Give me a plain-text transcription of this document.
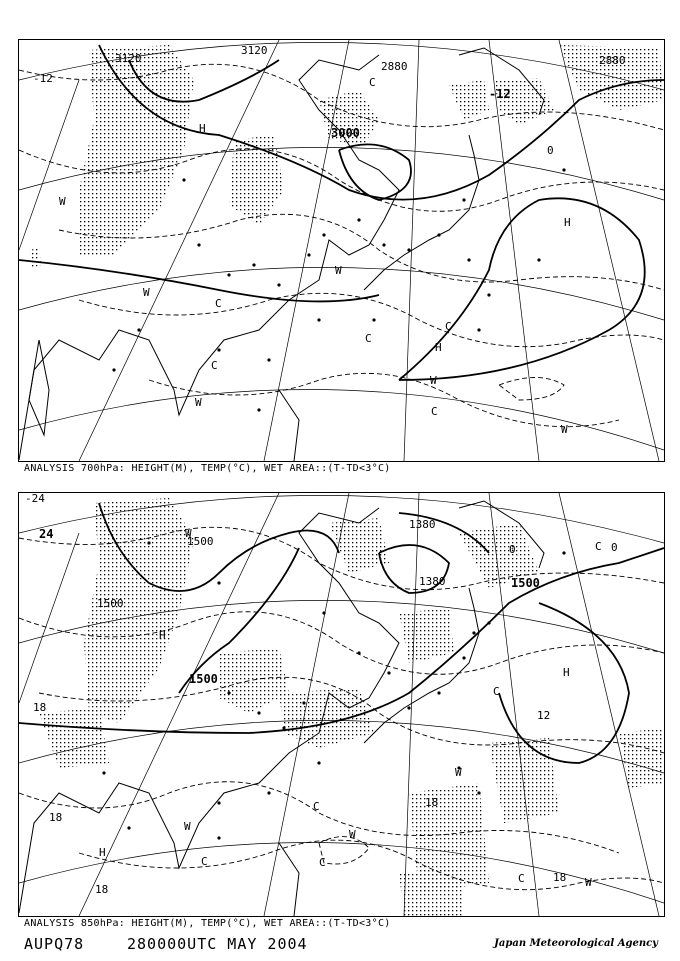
-12
3120
3120
3000
2880	2880
-12
0
H
H
H
W
W
W
W
W
W
C
C
C
C
C
C
ANALYSIS 700hPa: HEIGHT(M), TEMP(°C), WET AREA::(T-TD<3°C)
-24
24
1500
1500
1500
1500
1380
1380
0	0
12
18
18
18
18
18
H
H
H
W
W
W
W
W
C
C
C
C	C
C
ANALYSIS 850hPa: HEIGHT(M), TEMP(°C), WET AREA::(T-TD<3°C)
AUPQ78	280000UTC MAY 2004	Japan Meteorological Agency
